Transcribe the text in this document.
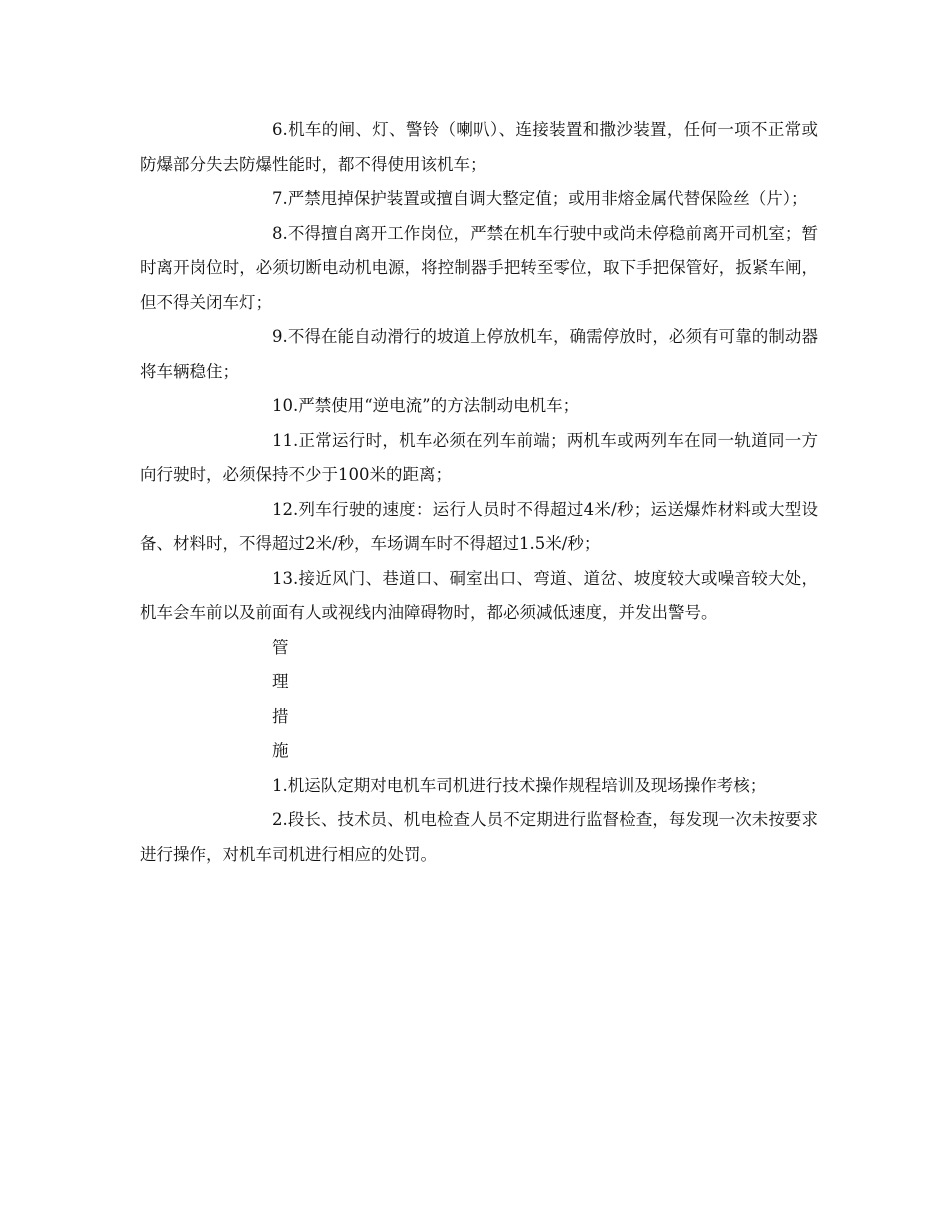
6.机车的闸、灯、警铃（喇叭）、连接装置和撒沙装置，任何一项不正常或防爆部分失去防爆性能时，都不得使用该机车；

7.严禁甩掉保护装置或擅自调大整定值；或用非熔金属代替保险丝（片）；

8.不得擅自离开工作岗位，严禁在机车行驶中或尚未停稳前离开司机室；暂时离开岗位时，必须切断电动机电源，将控制器手把转至零位，取下手把保管好，扳紧车闸，但不得关闭车灯；

9.不得在能自动滑行的坡道上停放机车，确需停放时，必须有可靠的制动器将车辆稳住；

10.严禁使用“逆电流”的方法制动电机车；

11.正常运行时，机车必须在列车前端；两机车或两列车在同一轨道同一方向行驶时，必须保持不少于100米的距离；

12.列车行驶的速度：运行人员时不得超过4米/秒；运送爆炸材料或大型设备、材料时，不得超过2米/秒，车场调车时不得超过1.5米/秒；

13.接近风门、巷道口、硐室出口、弯道、道岔、坡度较大或噪音较大处，机车会车前以及前面有人或视线内油障碍物时，都必须减低速度，并发出警号。

管

理

措

施

1.机运队定期对电机车司机进行技术操作规程培训及现场操作考核；

2.段长、技术员、机电检查人员不定期进行监督检查，每发现一次未按要求进行操作，对机车司机进行相应的处罚。
